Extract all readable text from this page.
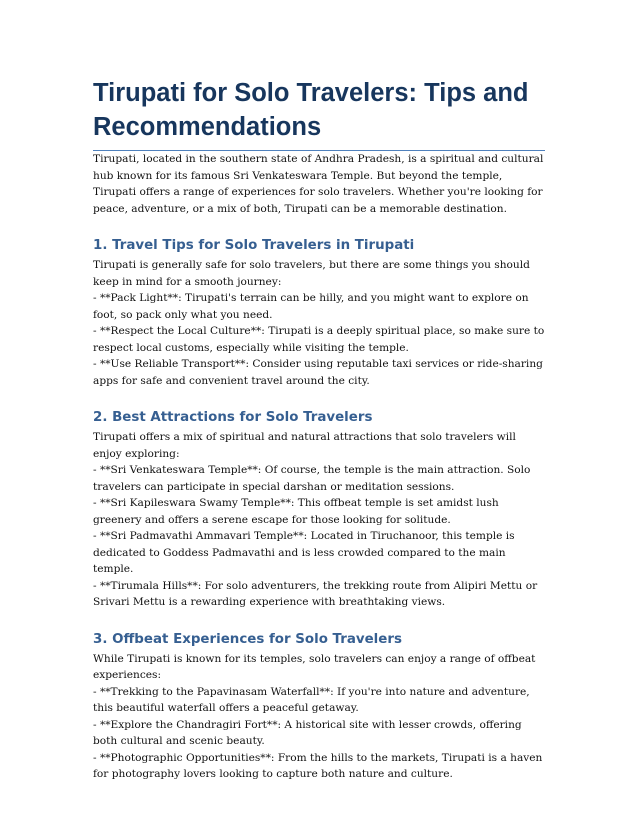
Tirupati for Solo Travelers: Tips and Recommendations

Tirupati, located in the southern state of Andhra Pradesh, is a spiritual and cultural hub known for its famous Sri Venkateswara Temple. But beyond the temple, Tirupati offers a range of experiences for solo travelers. Whether you're looking for peace, adventure, or a mix of both, Tirupati can be a memorable destination.

1. Travel Tips for Solo Travelers in Tirupati

Tirupati is generally safe for solo travelers, but there are some things you should keep in mind for a smooth journey:

- **Pack Light**: Tirupati's terrain can be hilly, and you might want to explore on foot, so pack only what you need.

- **Respect the Local Culture**: Tirupati is a deeply spiritual place, so make sure to respect local customs, especially while visiting the temple.

- **Use Reliable Transport**: Consider using reputable taxi services or ride-sharing apps for safe and convenient travel around the city.

2. Best Attractions for Solo Travelers

Tirupati offers a mix of spiritual and natural attractions that solo travelers will enjoy exploring:

- **Sri Venkateswara Temple**: Of course, the temple is the main attraction. Solo travelers can participate in special darshan or meditation sessions.

- **Sri Kapileswara Swamy Temple**: This offbeat temple is set amidst lush greenery and offers a serene escape for those looking for solitude.

- **Sri Padmavathi Ammavari Temple**: Located in Tiruchanoor, this temple is dedicated to Goddess Padmavathi and is less crowded compared to the main temple.

- **Tirumala Hills**: For solo adventurers, the trekking route from Alipiri Mettu or Srivari Mettu is a rewarding experience with breathtaking views.

3. Offbeat Experiences for Solo Travelers

While Tirupati is known for its temples, solo travelers can enjoy a range of offbeat experiences:

- **Trekking to the Papavinasam Waterfall**: If you're into nature and adventure, this beautiful waterfall offers a peaceful getaway.

- **Explore the Chandragiri Fort**: A historical site with lesser crowds, offering both cultural and scenic beauty.

- **Photographic Opportunities**: From the hills to the markets, Tirupati is a haven for photography lovers looking to capture both nature and culture.
